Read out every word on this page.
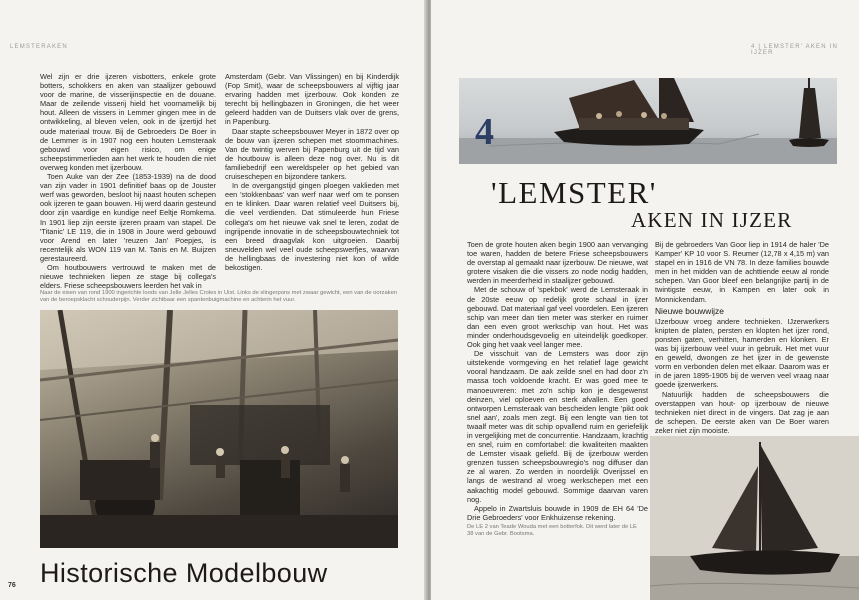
LEMSTERAKEN

Wel zijn er drie ijzeren visbotters, enkele grote botters, schokkers en aken van staalijzer gebouwd voor de marine, de visserijinspectie en de douane. Maar de zeilende visserij hield het voornamelijk bij hout. Alleen de vissers in Lemmer gingen mee in de ontwikkeling, al bleven velen, ook in de ijzertijd het oude materiaal trouw. Bij de Gebroeders De Boer in de Lemmer is in 1907 nog een houten Lemsteraak gebouwd voor eigen risico, om enige scheepstimmerlieden aan het werk te houden die niet overweg konden met ijzerbouw.

Toen Auke van der Zee (1853-1939) na de dood van zijn vader in 1901 definitief baas op de Jouster werf was geworden, besloot hij naast houten schepen ook ijzeren te gaan bouwen. Hij werd daarin gesteund door zijn vaardige en kundige neef Eeltje Romkema. In 1901 liep zijn eerste ijzeren praam van stapel. De 'Titanic' LE 119, die in 1908 in Joure werd gebouwd voor Arend en later 'reuzen Jan' Poepjes, is recentelijk als WON 119 van M. Tanis en M. Buijzen gerestaureerd.

Om houtbouwers vertrouwd te maken met de nieuwe technieken liepen ze stage bij collega's elders. Friese scheepsbouwers leerden het vak in

Amsterdam (Gebr. Van Vlissingen) en bij Kinderdijk (Fop Smit), waar de scheepsbouwers al vijftig jaar ervaring hadden met ijzerbouw. Ook konden ze terecht bij hellingbazen in Groningen, die het weer geleerd hadden van de Duitsers vlak over de grens, in Papenburg.

Daar stapte scheepsbouwer Meyer in 1872 over op de bouw van ijzeren schepen met stoommachines. Van de twintig werven bij Papenburg uit de tijd van de houtbouw is alleen deze nog over. Nu is dit familiebedrijf een wereldspeler op het gebied van cruiseschepen en bijzondere tankers.

In de overgangstijd gingen ploegen vaklieden met een 'stokkenbaas' van werf naar werf om te ponsen en te klinken. Daar waren relatief veel Duitsers bij, die veel verdienden. Dat stimuleerde hun Friese collega's om het nieuwe vak snel te leren, zodat de ingrijpende innovatie in de scheepsbouwtechniek tot een breed draagvlak kon uitgroeien. Daarbij sneuvelden wel veel oude scheepswerfjes, waarvan de hellingbaas de investering niet kon of wilde bekostigen.

Naar de eisen van rond 1900 ingerichte loods van Jelle Jelles Croles in Uist. Links de slingerpons met zwaar gewicht, een van de oorzaken van de beroepsklacht schouderpijn. Verder zichtbaar een spantenbuigmachine en achterin het vuur.
Historische Modelbouw
76
4 | LEMSTER' AKEN IN IJZER
4
'LEMSTER'
AKEN IN IJZER

Toen de grote houten aken begin 1900 aan vervanging toe waren, hadden de betere Friese scheepsbouwers de overstap al gemaakt naar ijzerbouw. De nieuwe, wat grotere visaken die die vissers zo node nodig hadden, werden in meerderheid in staalijzer gebouwd.

Met de schouw of 'spekbok' werd de Lemsteraak in de 20ste eeuw op redelijk grote schaal in ijzer gebouwd. Dat materiaal gaf veel voordelen. Een ijzeren schip van meer dan tien meter was sterker en ruimer dan een even groot werkschip van hout. Het was minder onderhoudsgevoelig en uiteindelijk goedkoper. Ook ging het vaak veel langer mee.

De visschuit van de Lemsters was door zijn uitstekende vormgeving en het relatief lage gewicht vooral handzaam. De aak zeilde snel en had door z'n massa toch voldoende kracht. Er was goed mee te manoeuvreren: met zo'n schip kon je desgewenst deinzen, viel oploeven en sterk afvallen. Een goed ontworpen Lemsteraak van bescheiden lengte 'pikt ook snel aan', zoals men zegt. Bij een lengte van tien tot twaalf meter was dit schip opvallend ruim en geriefelijk in vergelijking met de concurrentie. Handzaam, krachtig en snel, ruim en comfortabel: die kwaliteiten maakten de Lemster visaak geliefd. Bij de ijzerbouw werden grenzen tussen scheepsbouwregio's nog diffuser dan ze al waren. Zo werden in noordelijk Overijssel en langs de westrand al vroeg werkschepen met een aakachtig model gebouwd. Sommige daarvan varen nog.

Appelo in Zwartsluis bouwde in 1909 de EH 64 'De Drie Gebroeders' voor Enkhuizense rekening.

De LE 2 van Teade Wouda met een botterfok. Dit werd later de LE 38 van de Gebr. Bootsma.

Bij de gebroeders Van Goor liep in 1914 de haler 'De Kamper' KP 10 voor S. Reumer (12,78 x 4,15 m) van stapel en in 1916 de VN 78. In deze families bouwde men in het midden van de achttiende eeuw al ronde schepen. Van Goor bleef een belangrijke partij in de twintigste eeuw, in Kampen en later ook in Monnickendam.

Nieuwe bouwwijze

IJzerbouw vroeg andere technieken. IJzerwerkers knipten de platen, persten en klopten het ijzer rond, ponsten gaten, verhitten, hamerden en klonken. Er was bij ijzerbouw veel vuur in gebruik. Het met vuur en geweld, dwongen ze het ijzer in de gewenste vorm en verbonden delen met elkaar. Daarom was er in de jaren 1895-1905 bij de werven veel vraag naar goede ijzerwerkers.

Natuurlijk hadden de scheepsbouwers die overstappen van hout- op ijzerbouw de nieuwe technieken niet direct in de vingers. Dat zag je aan de schepen. De eerste aken van De Boer waren zeker niet zijn mooiste.
